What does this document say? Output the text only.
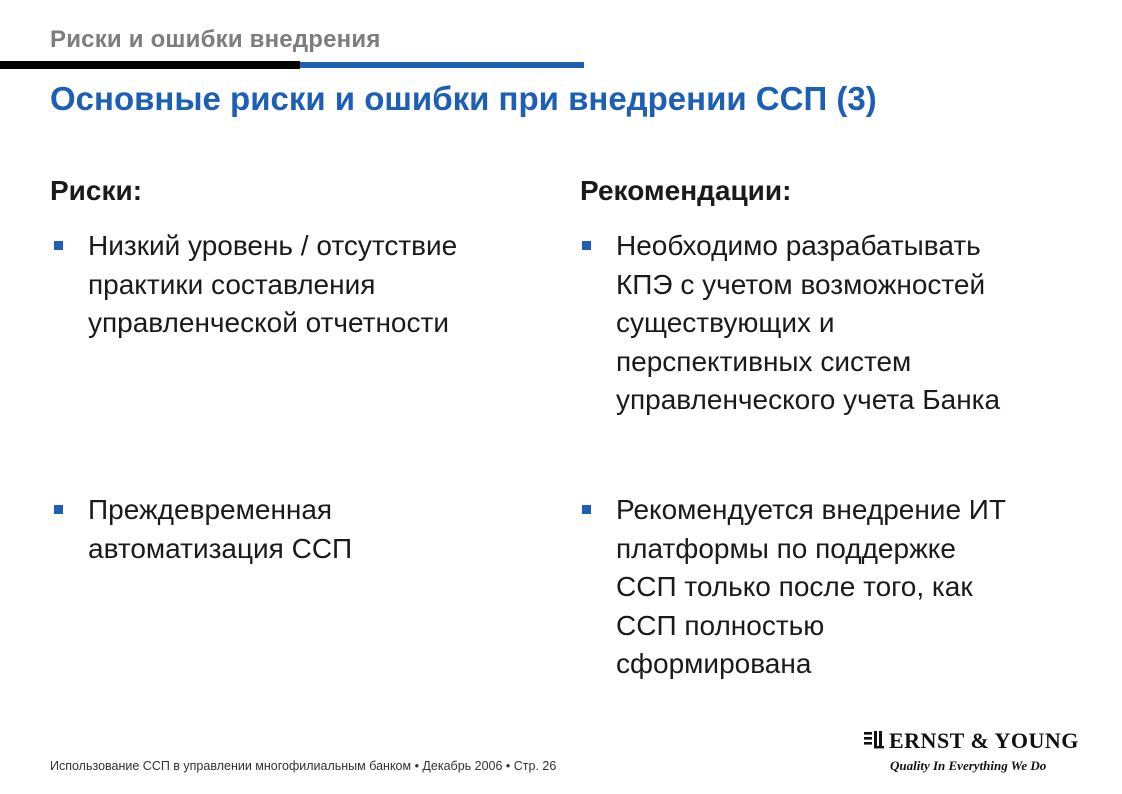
Риски и ошибки внедрения
Основные риски и ошибки при внедрении ССП (3)
Риски:	Рекомендации:
Низкий уровень / отсутствие
практики составления
управленческой отчетности
Преждевременная
автоматизация ССП
Необходимо разрабатывать
КПЭ с учетом возможностей
существующих и
перспективных систем
управленческого учета Банка
Рекомендуется внедрение ИТ
платформы по поддержке
ССП только после того, как
ССП полностью
сформирована
Использование ССП в управлении многофилиальным банком • Декабрь 2006 • Стр. 26
ERNST & YOUNG
Quality In Everything We Do
